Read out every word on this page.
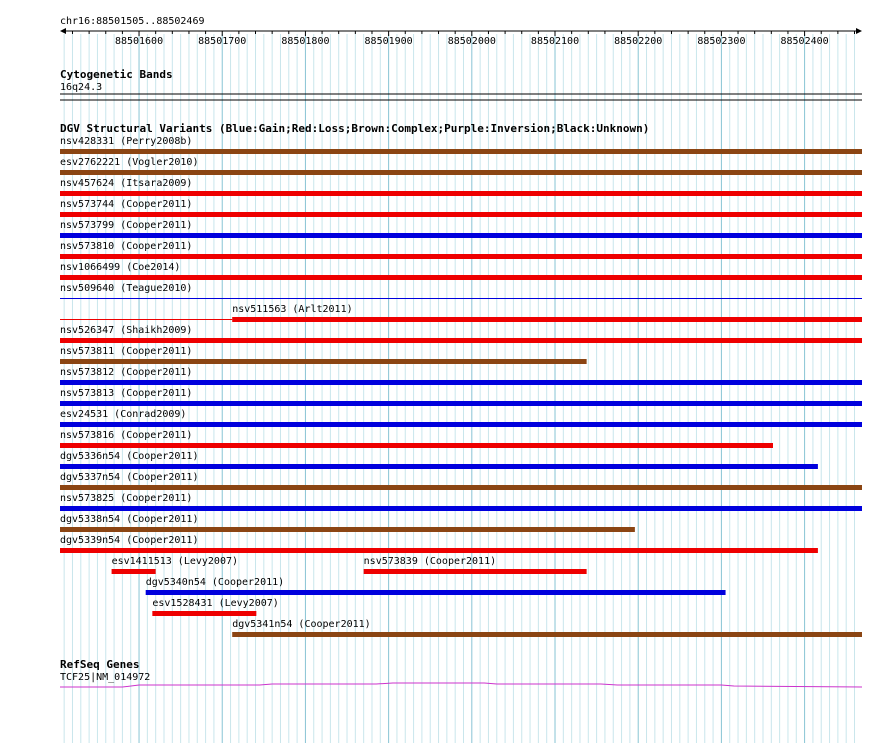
chr16:88501505..88502469
88501600	88501700	88501800	88501900	88502000	88502100	88502200	88502300	88502400
Cytogenetic Bands
16q24.3
DGV Structural Variants (Blue:Gain;Red:Loss;Brown:Complex;Purple:Inversion;Black:Unknown)
nsv428331 (Perry2008b)
esv2762221 (Vogler2010)
nsv457624 (Itsara2009)
nsv573744 (Cooper2011)
nsv573799 (Cooper2011)
nsv573810 (Cooper2011)
nsv1066499 (Coe2014)
nsv509640 (Teague2010)
nsv511563 (Arlt2011)
nsv526347 (Shaikh2009)
nsv573811 (Cooper2011)
nsv573812 (Cooper2011)
nsv573813 (Cooper2011)
esv24531 (Conrad2009)
nsv573816 (Cooper2011)
dgv5336n54 (Cooper2011)
dgv5337n54 (Cooper2011)
nsv573825 (Cooper2011)
dgv5338n54 (Cooper2011)
dgv5339n54 (Cooper2011)
esv1411513 (Levy2007)	nsv573839 (Cooper2011)
dgv5340n54 (Cooper2011)
esv1528431 (Levy2007)
dgv5341n54 (Cooper2011)
RefSeq Genes
TCF25|NM_014972
